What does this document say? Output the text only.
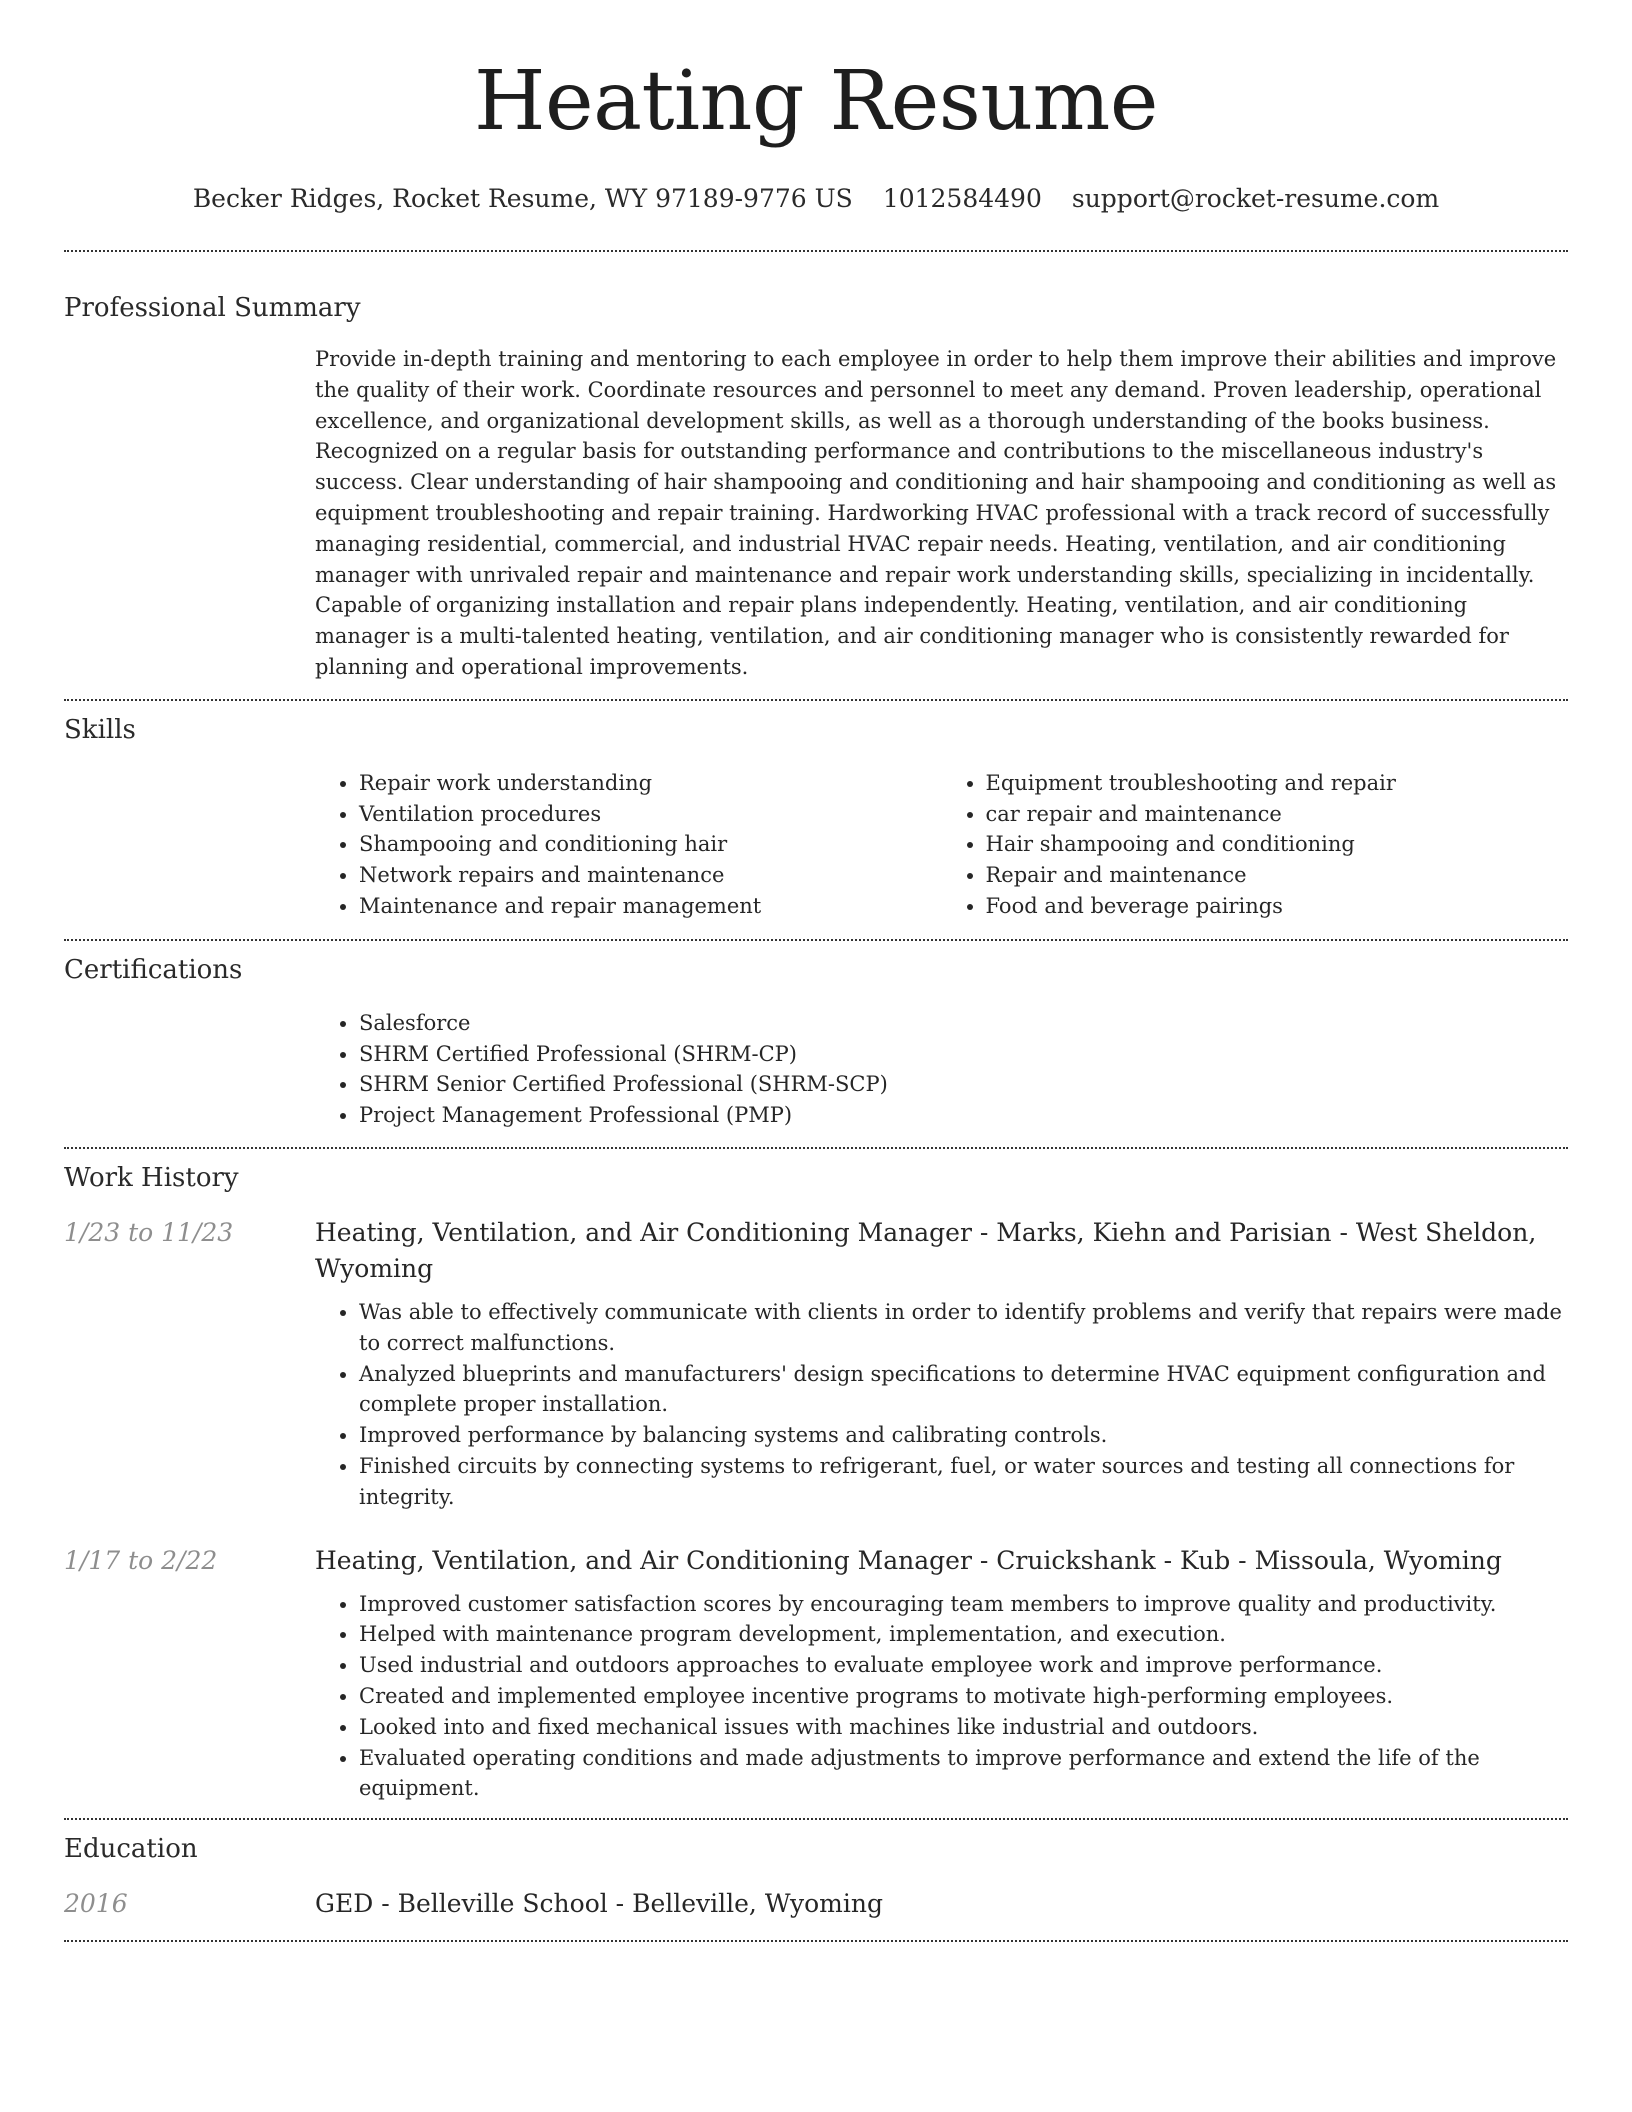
Heating Resume
Becker Ridges, Rocket Resume, WY 97189-9776 US 1012584490 support@rocket-resume.com
Professional Summary
Provide in-depth training and mentoring to each employee in order to help them improve their abilities and improve the quality of their work. Coordinate resources and personnel to meet any demand. Proven leadership, operational excellence, and organizational development skills, as well as a thorough understanding of the books business. Recognized on a regular basis for outstanding performance and contributions to the miscellaneous industry's success. Clear understanding of hair shampooing and conditioning and hair shampooing and conditioning as well as equipment troubleshooting and repair training. Hardworking HVAC professional with a track record of successfully managing residential, commercial, and industrial HVAC repair needs. Heating, ventilation, and air conditioning manager with unrivaled repair and maintenance and repair work understanding skills, specializing in incidentally. Capable of organizing installation and repair plans independently. Heating, ventilation, and air conditioning manager is a multi-talented heating, ventilation, and air conditioning manager who is consistently rewarded for planning and operational improvements.
Skills
• Repair work understanding
• Ventilation procedures
• Shampooing and conditioning hair
• Network repairs and maintenance
• Maintenance and repair management
• Equipment troubleshooting and repair
• car repair and maintenance
• Hair shampooing and conditioning
• Repair and maintenance
• Food and beverage pairings
Certifications
• Salesforce
• SHRM Certified Professional (SHRM-CP)
• SHRM Senior Certified Professional (SHRM-SCP)
• Project Management Professional (PMP)
Work History
1/23 to 11/23	Heating, Ventilation, and Air Conditioning Manager - Marks, Kiehn and Parisian - West Sheldon, Wyoming
• Was able to effectively communicate with clients in order to identify problems and verify that repairs were made to correct malfunctions.
• Analyzed blueprints and manufacturers' design specifications to determine HVAC equipment configuration and complete proper installation.
• Improved performance by balancing systems and calibrating controls.
• Finished circuits by connecting systems to refrigerant, fuel, or water sources and testing all connections for integrity.
1/17 to 2/22	Heating, Ventilation, and Air Conditioning Manager - Cruickshank - Kub - Missoula, Wyoming
• Improved customer satisfaction scores by encouraging team members to improve quality and productivity.
• Helped with maintenance program development, implementation, and execution.
• Used industrial and outdoors approaches to evaluate employee work and improve performance.
• Created and implemented employee incentive programs to motivate high-performing employees.
• Looked into and fixed mechanical issues with machines like industrial and outdoors.
• Evaluated operating conditions and made adjustments to improve performance and extend the life of the equipment.
Education
2016	GED - Belleville School - Belleville, Wyoming
